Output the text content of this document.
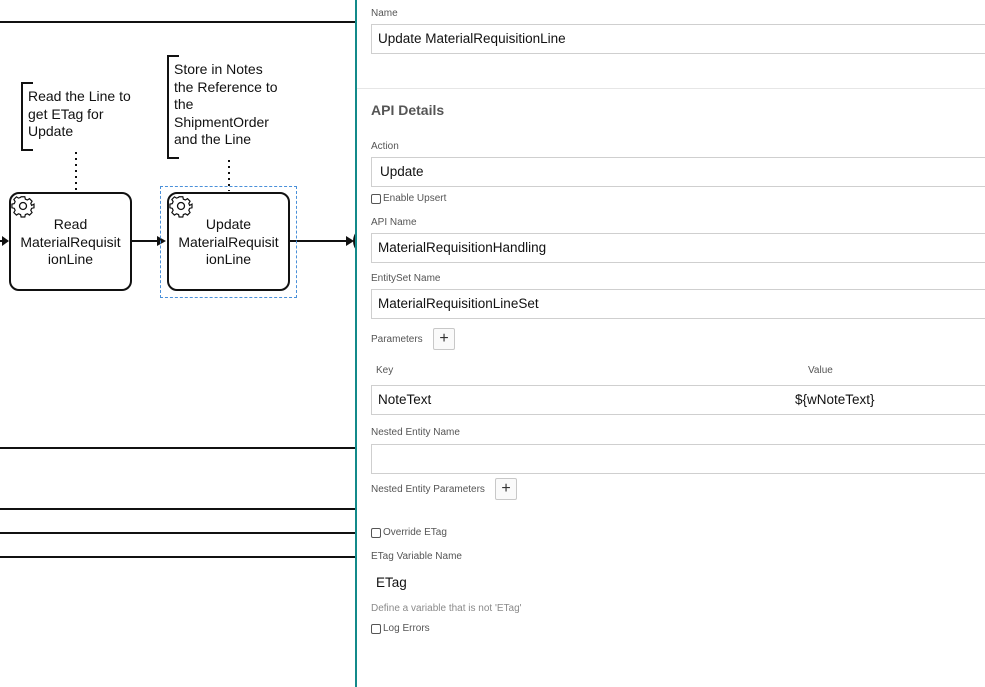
Read the Line to
get ETag for
Update
Store in Notes
the Reference to
the
ShipmentOrder
and the Line
Read
MaterialRequisit
ionLine
Update
MaterialRequisit
ionLine
Name
Update MaterialRequisitionLine
API Details
Action
Update
Enable Upsert
API Name
MaterialRequisitionHandling
EntitySet Name
MaterialRequisitionLineSet
Parameters	+
Key	Value
NoteText	${wNoteText}
Nested Entity Name
Nested Entity Parameters	+
Override ETag
ETag Variable Name
ETag
Define a variable that is not 'ETag'
Log Errors
